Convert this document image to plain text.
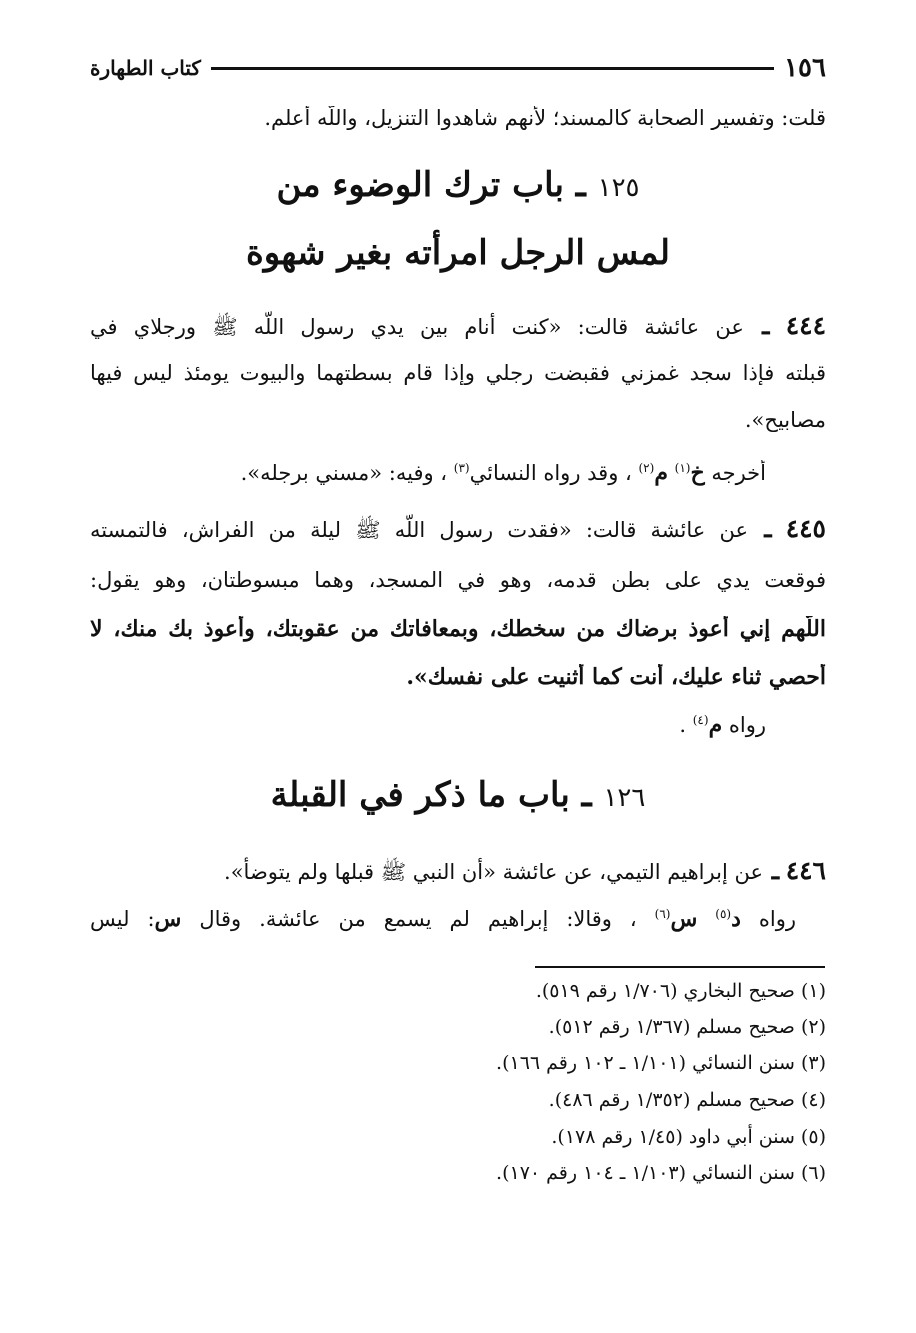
١٥٦
كتاب الطهارة
قلت: وتفسير الصحابة كالمسند؛ لأنهم شاهدوا التنزيل، واللَّه أعلم.
١٢٥ ـ باب ترك الوضوء من
لمس الرجل امرأته بغير شهوة
٤٤٤ ـ عن عائشة قالت: «كنت أنام بين يدي رسول اللَّه ﷺ ورجلاي في
قبلته فإذا سجد غمزني فقبضت رجلي وإذا قام بسطتهما والبيوت يومئذ ليس فيها
مصابيح».
أخرجه خ$^{(١)}$ م$^{(٢)}$ ، وقد رواه النسائي$^{(٣)}$ ، وفيه: «مسني برجله».
٤٤٥ ـ عن عائشة قالت: «فقدت رسول اللَّه ﷺ ليلة من الفراش، فالتمسته
فوقعت يدي على بطن قدمه، وهو في المسجد، وهما مبسوطتان، وهو يقول:
اللَّهم إني أعوذ برضاك من سخطك، وبمعافاتك من عقوبتك، وأعوذ بك منك، لا
أحصي ثناء عليك، أنت كما أثنيت على نفسك».
رواه م$^{(٤)}$ .
١٢٦ ـ باب ما ذكر في القبلة
٤٤٦ ـ عن إبراهيم التيمي، عن عائشة «أن النبي ﷺ قبلها ولم يتوضأ».
رواه د$^{(٥)}$ س$^{(٦)}$ ، وقالا: إبراهيم لم يسمع من عائشة. وقال س: ليس
(١) صحيح البخاري (١/٧٠٦ رقم ٥١٩).
(٢) صحيح مسلم (١/٣٦٧ رقم ٥١٢).
(٣) سنن النسائي (١/١٠١ ـ ١٠٢ رقم ١٦٦).
(٤) صحيح مسلم (١/٣٥٢ رقم ٤٨٦).
(٥) سنن أبي داود (١/٤٥ رقم ١٧٨).
(٦) سنن النسائي (١/١٠٣ ـ ١٠٤ رقم ١٧٠).
